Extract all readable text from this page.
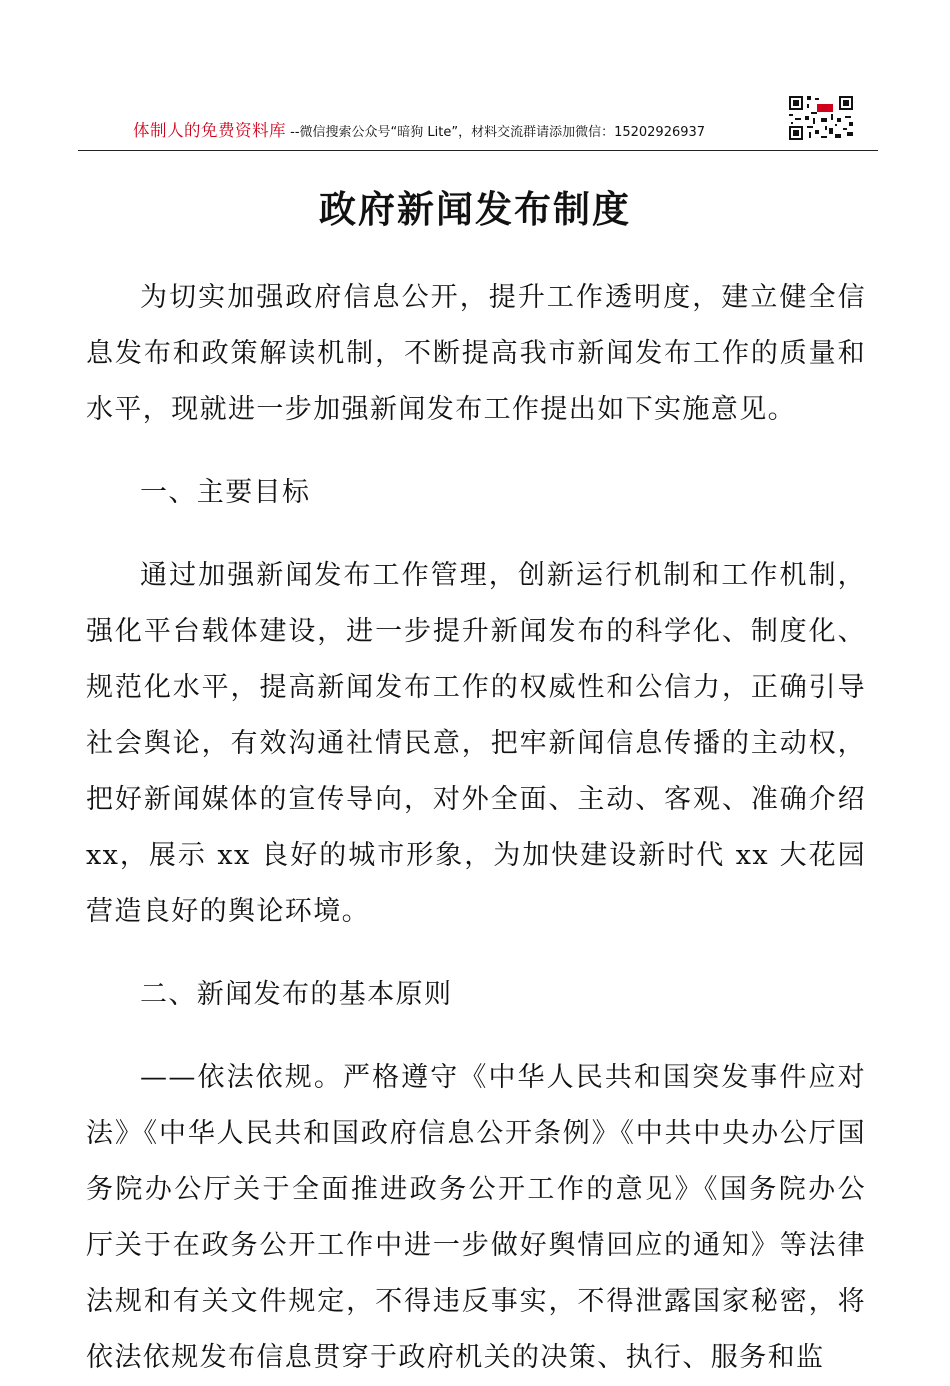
体制人的免费资料库 --微信搜索公众号“暗狗 Lite”，材料交流群请添加微信：15202926937
政府新闻发布制度

为切实加强政府信息公开，提升工作透明度，建立健全信息发布和政策解读机制，不断提高我市新闻发布工作的质量和水平，现就进一步加强新闻发布工作提出如下实施意见。

一、主要目标

通过加强新闻发布工作管理，创新运行机制和工作机制，强化平台载体建设，进一步提升新闻发布的科学化、制度化、规范化水平，提高新闻发布工作的权威性和公信力，正确引导社会舆论，有效沟通社情民意，把牢新闻信息传播的主动权，把好新闻媒体的宣传导向，对外全面、主动、客观、准确介绍 xx，展示 xx 良好的城市形象，为加快建设新时代 xx 大花园营造良好的舆论环境。

二、新闻发布的基本原则

——依法依规。严格遵守《中华人民共和国突发事件应对法》《中华人民共和国政府信息公开条例》《中共中央办公厅国务院办公厅关于全面推进政务公开工作的意见》《国务院办公厅关于在政务公开工作中进一步做好舆情回应的通知》等法律法规和有关文件规定，不得违反事实，不得泄露国家秘密，将依法依规发布信息贯穿于政府机关的决策、执行、服务和监
